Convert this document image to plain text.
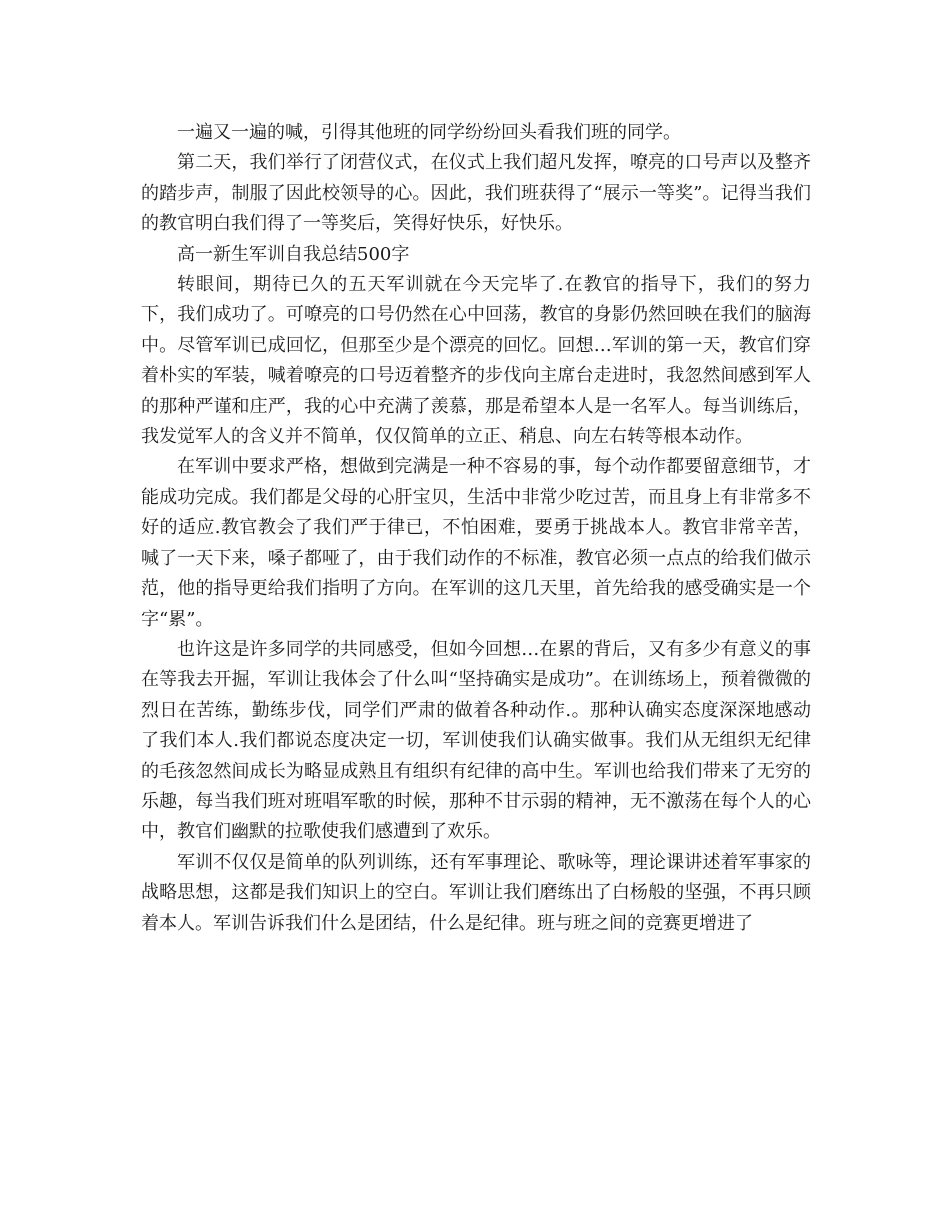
一遍又一遍的喊，引得其他班的同学纷纷回头看我们班的同学。

第二天，我们举行了闭营仪式，在仪式上我们超凡发挥，嘹亮的口号声以及整齐的踏步声，制服了因此校领导的心。因此，我们班获得了“展示一等奖”。记得当我们的教官明白我们得了一等奖后，笑得好快乐，好快乐。

高一新生军训自我总结500字

转眼间，期待已久的五天军训就在今天完毕了.在教官的指导下，我们的努力下，我们成功了。可嘹亮的口号仍然在心中回荡，教官的身影仍然回映在我们的脑海中。尽管军训已成回忆，但那至少是个漂亮的回忆。回想…军训的第一天，教官们穿着朴实的军装，喊着嘹亮的口号迈着整齐的步伐向主席台走进时，我忽然间感到军人的那种严谨和庄严，我的心中充满了羡慕，那是希望本人是一名军人。每当训练后，我发觉军人的含义并不简单，仅仅简单的立正、稍息、向左右转等根本动作。

在军训中要求严格，想做到完满是一种不容易的事，每个动作都要留意细节，才能成功完成。我们都是父母的心肝宝贝，生活中非常少吃过苦，而且身上有非常多不好的适应.教官教会了我们严于律已，不怕困难，要勇于挑战本人。教官非常辛苦，喊了一天下来，嗓子都哑了，由于我们动作的不标准，教官必须一点点的给我们做示范，他的指导更给我们指明了方向。在军训的这几天里，首先给我的感受确实是一个字“累”。

也许这是许多同学的共同感受，但如今回想…在累的背后，又有多少有意义的事在等我去开掘，军训让我体会了什么叫“坚持确实是成功”。在训练场上，预着微微的烈日在苦练，勤练步伐，同学们严肃的做着各种动作.。那种认确实态度深深地感动了我们本人.我们都说态度决定一切，军训使我们认确实做事。我们从无组织无纪律的毛孩忽然间成长为略显成熟且有组织有纪律的高中生。军训也给我们带来了无穷的乐趣，每当我们班对班唱军歌的时候，那种不甘示弱的精神，无不激荡在每个人的心中，教官们幽默的拉歌使我们感遭到了欢乐。

军训不仅仅是简单的队列训练，还有军事理论、歌咏等，理论课讲述着军事家的战略思想，这都是我们知识上的空白。军训让我们磨练出了白杨般的坚强，不再只顾着本人。军训告诉我们什么是团结，什么是纪律。班与班之间的竞赛更增进了
